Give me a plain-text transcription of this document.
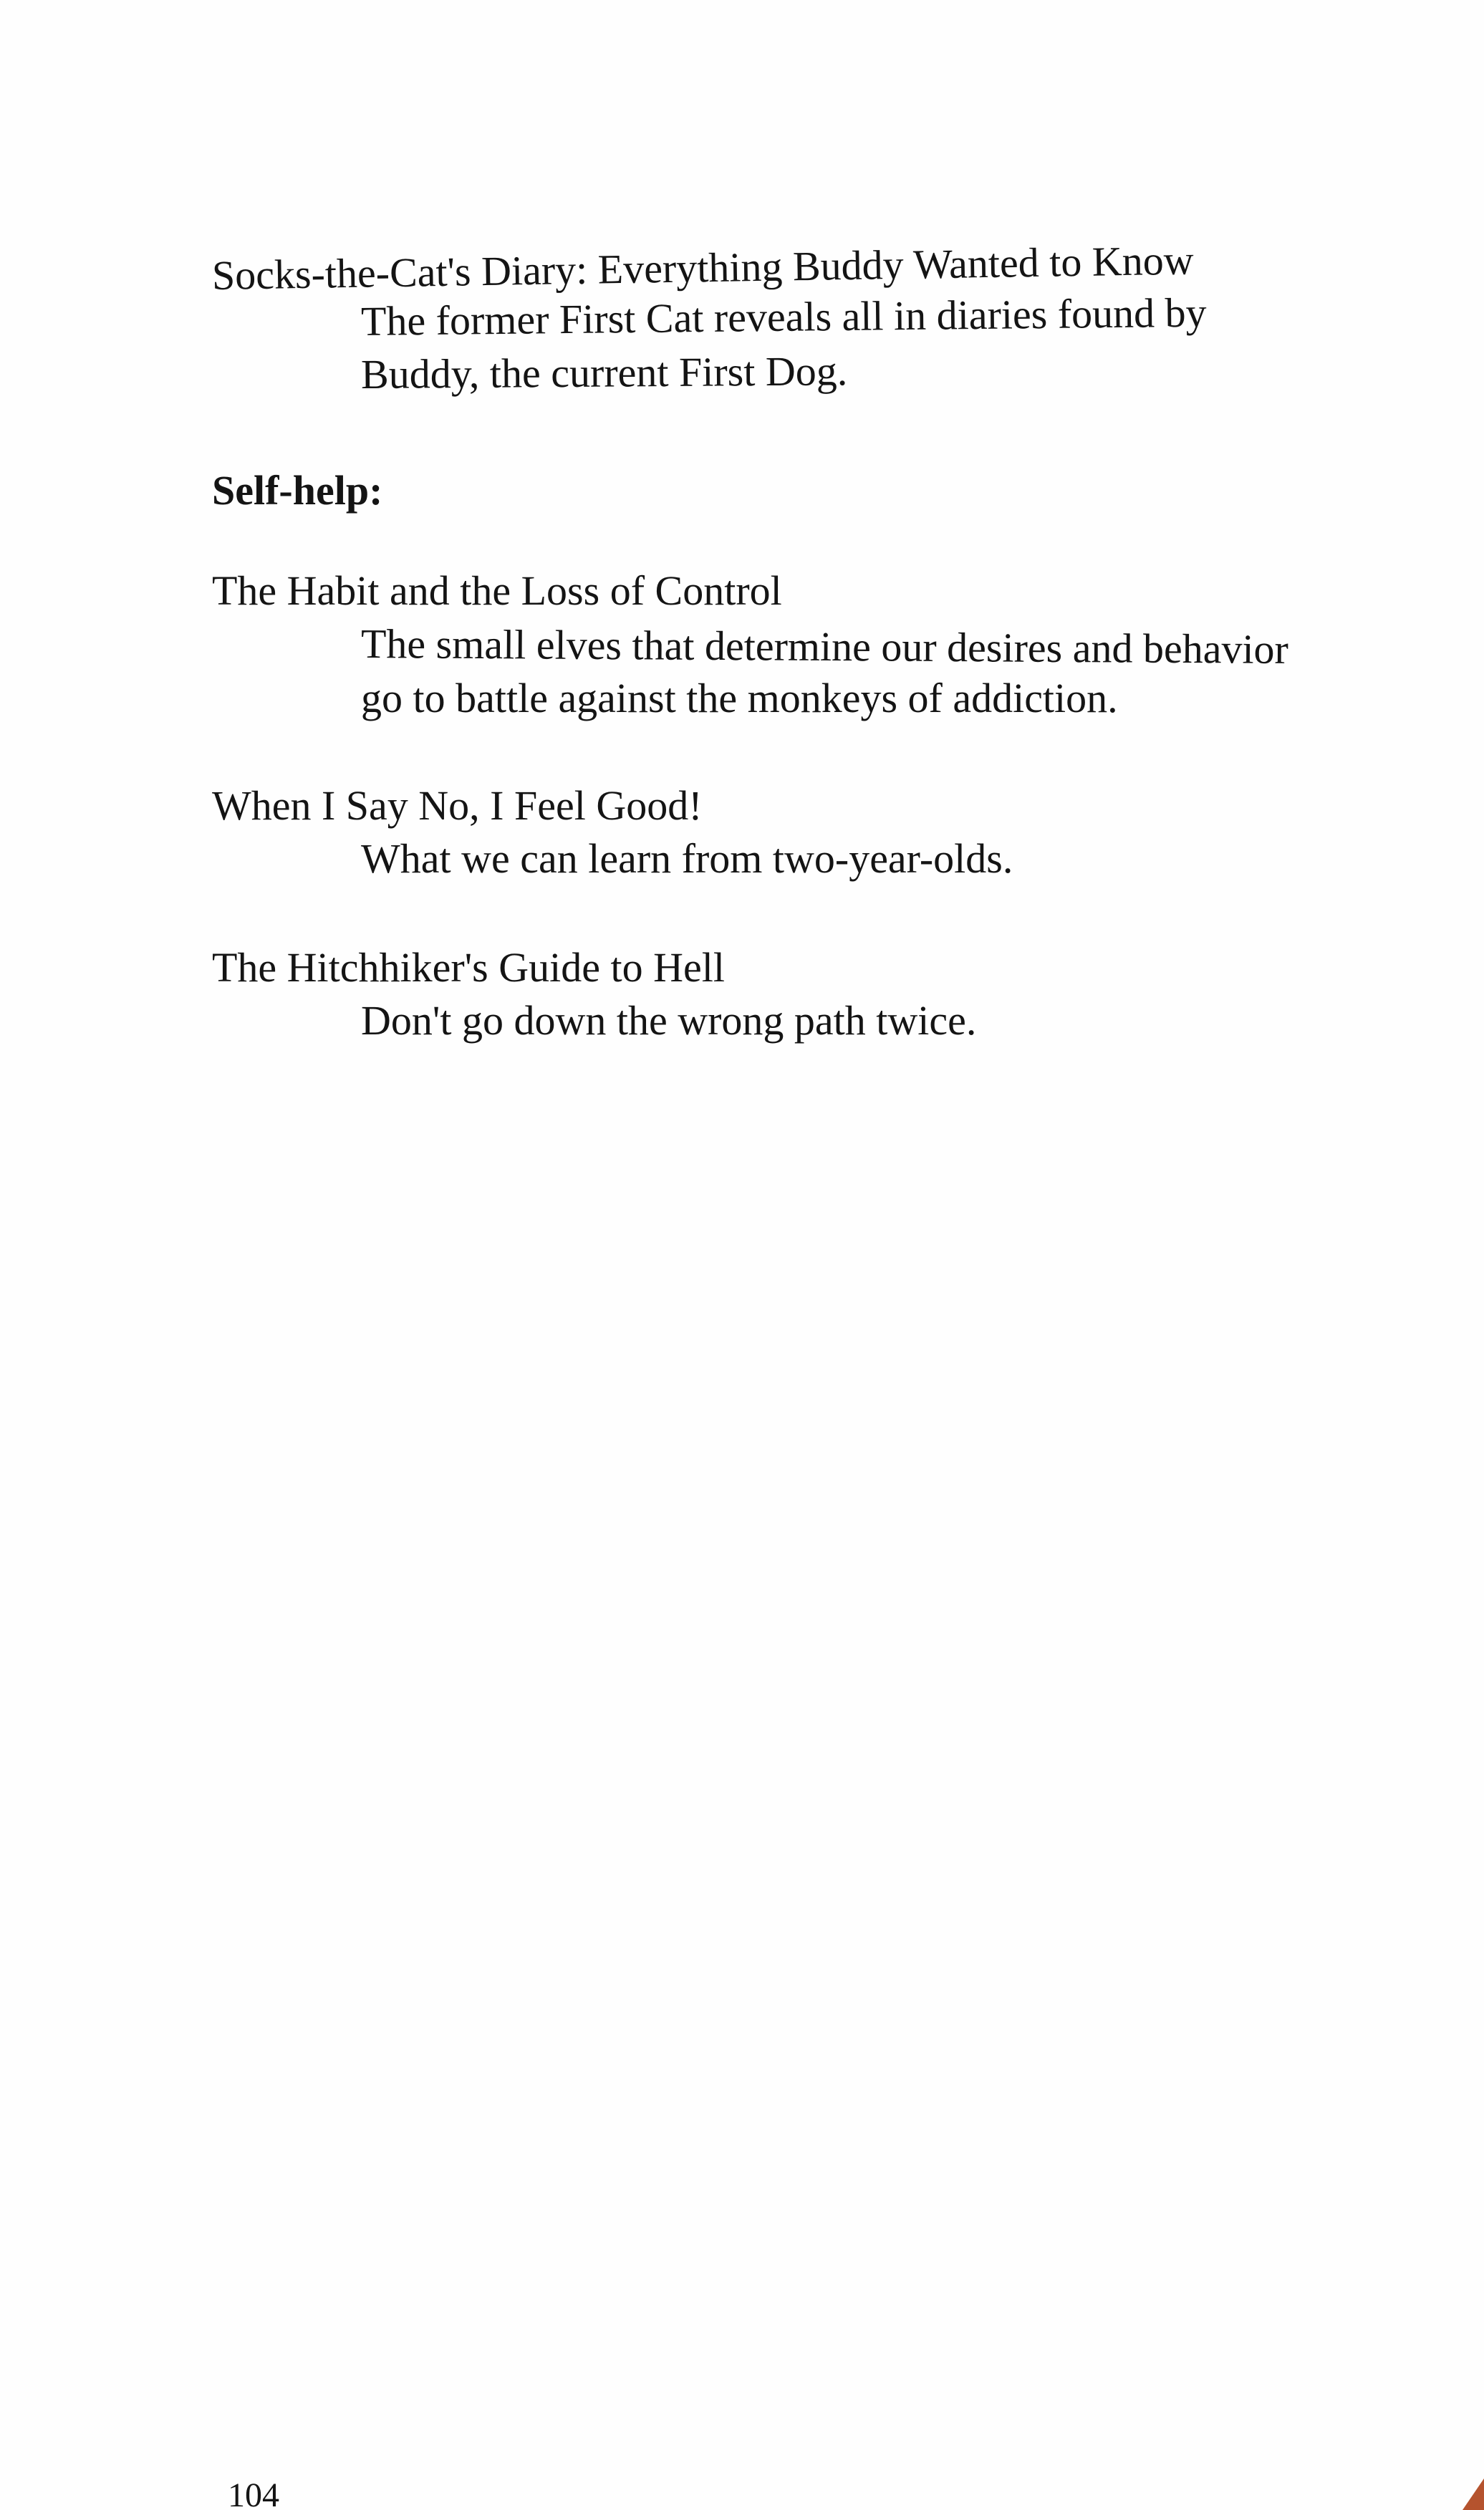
Socks-the-Cat's Diary: Everything Buddy Wanted to Know
The former First Cat reveals all in diaries found by
Buddy, the current First Dog.
Self-help:
The Habit and the Loss of Control
The small elves that determine our desires and behavior
go to battle against the monkeys of addiction.
When I Say No, I Feel Good!
What we can learn from two-year-olds.
The Hitchhiker's Guide to Hell
Don't go down the wrong path twice.
104
